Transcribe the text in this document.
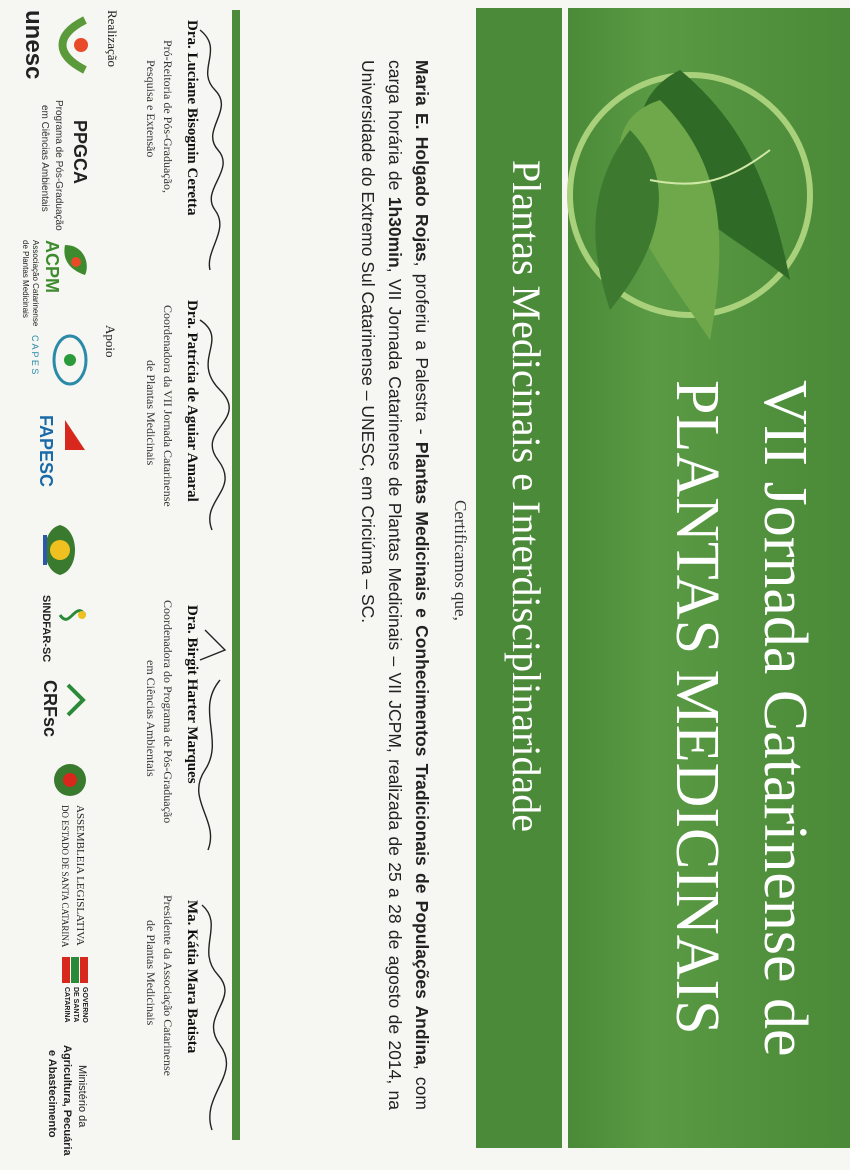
VII Jornada Catarinense de
PLANTAS MEDICINAIS
Plantas Medicinais e Interdisciplinaridade
Certificamos que,
Maria E. Holgado Rojas, proferiu a Palestra - Plantas Medicinais e Conhecimentos Tradicionais de Populações Andina, com carga horária de 1h30min, VII Jornada Catarinense de Plantas Medicinais – VII JCPM, realizada de 25 a 28 de agosto de 2014, na Universidade do Extremo Sul Catarinense – UNESC, em Criciúma – SC.
Dra. Luciane Bisognin Ceretta
Pró-Reitoria de Pós-Graduação,
Pesquisa e Extensão
Dra. Patrícia de Aguiar Amaral
Coordenadora da VII Jornada Catarinense
de Plantas Medicinais
Dra. Birgit Harter Marques
Coordenadora do Programa de Pós-Graduação
em Ciências Ambientais
Ma. Kátia Mara Batista
Presidente da Associação Catarinense
de Plantas Medicinais
Realização
Apoio
unesc
PPGCA
Programa de Pós-Graduação
em Ciências Ambientais
ACPM
Associação Catarinense
de Plantas Medicinais
C A P E S
FAPESC
SINDFAR-SC
CRFsc
ASSEMBLEIA LEGISLATIVA
DO ESTADO DE SANTA CATARINA
GOVERNO
DE SANTA
CATARINA
Ministério da
Agricultura, Pecuária
e Abastecimento
